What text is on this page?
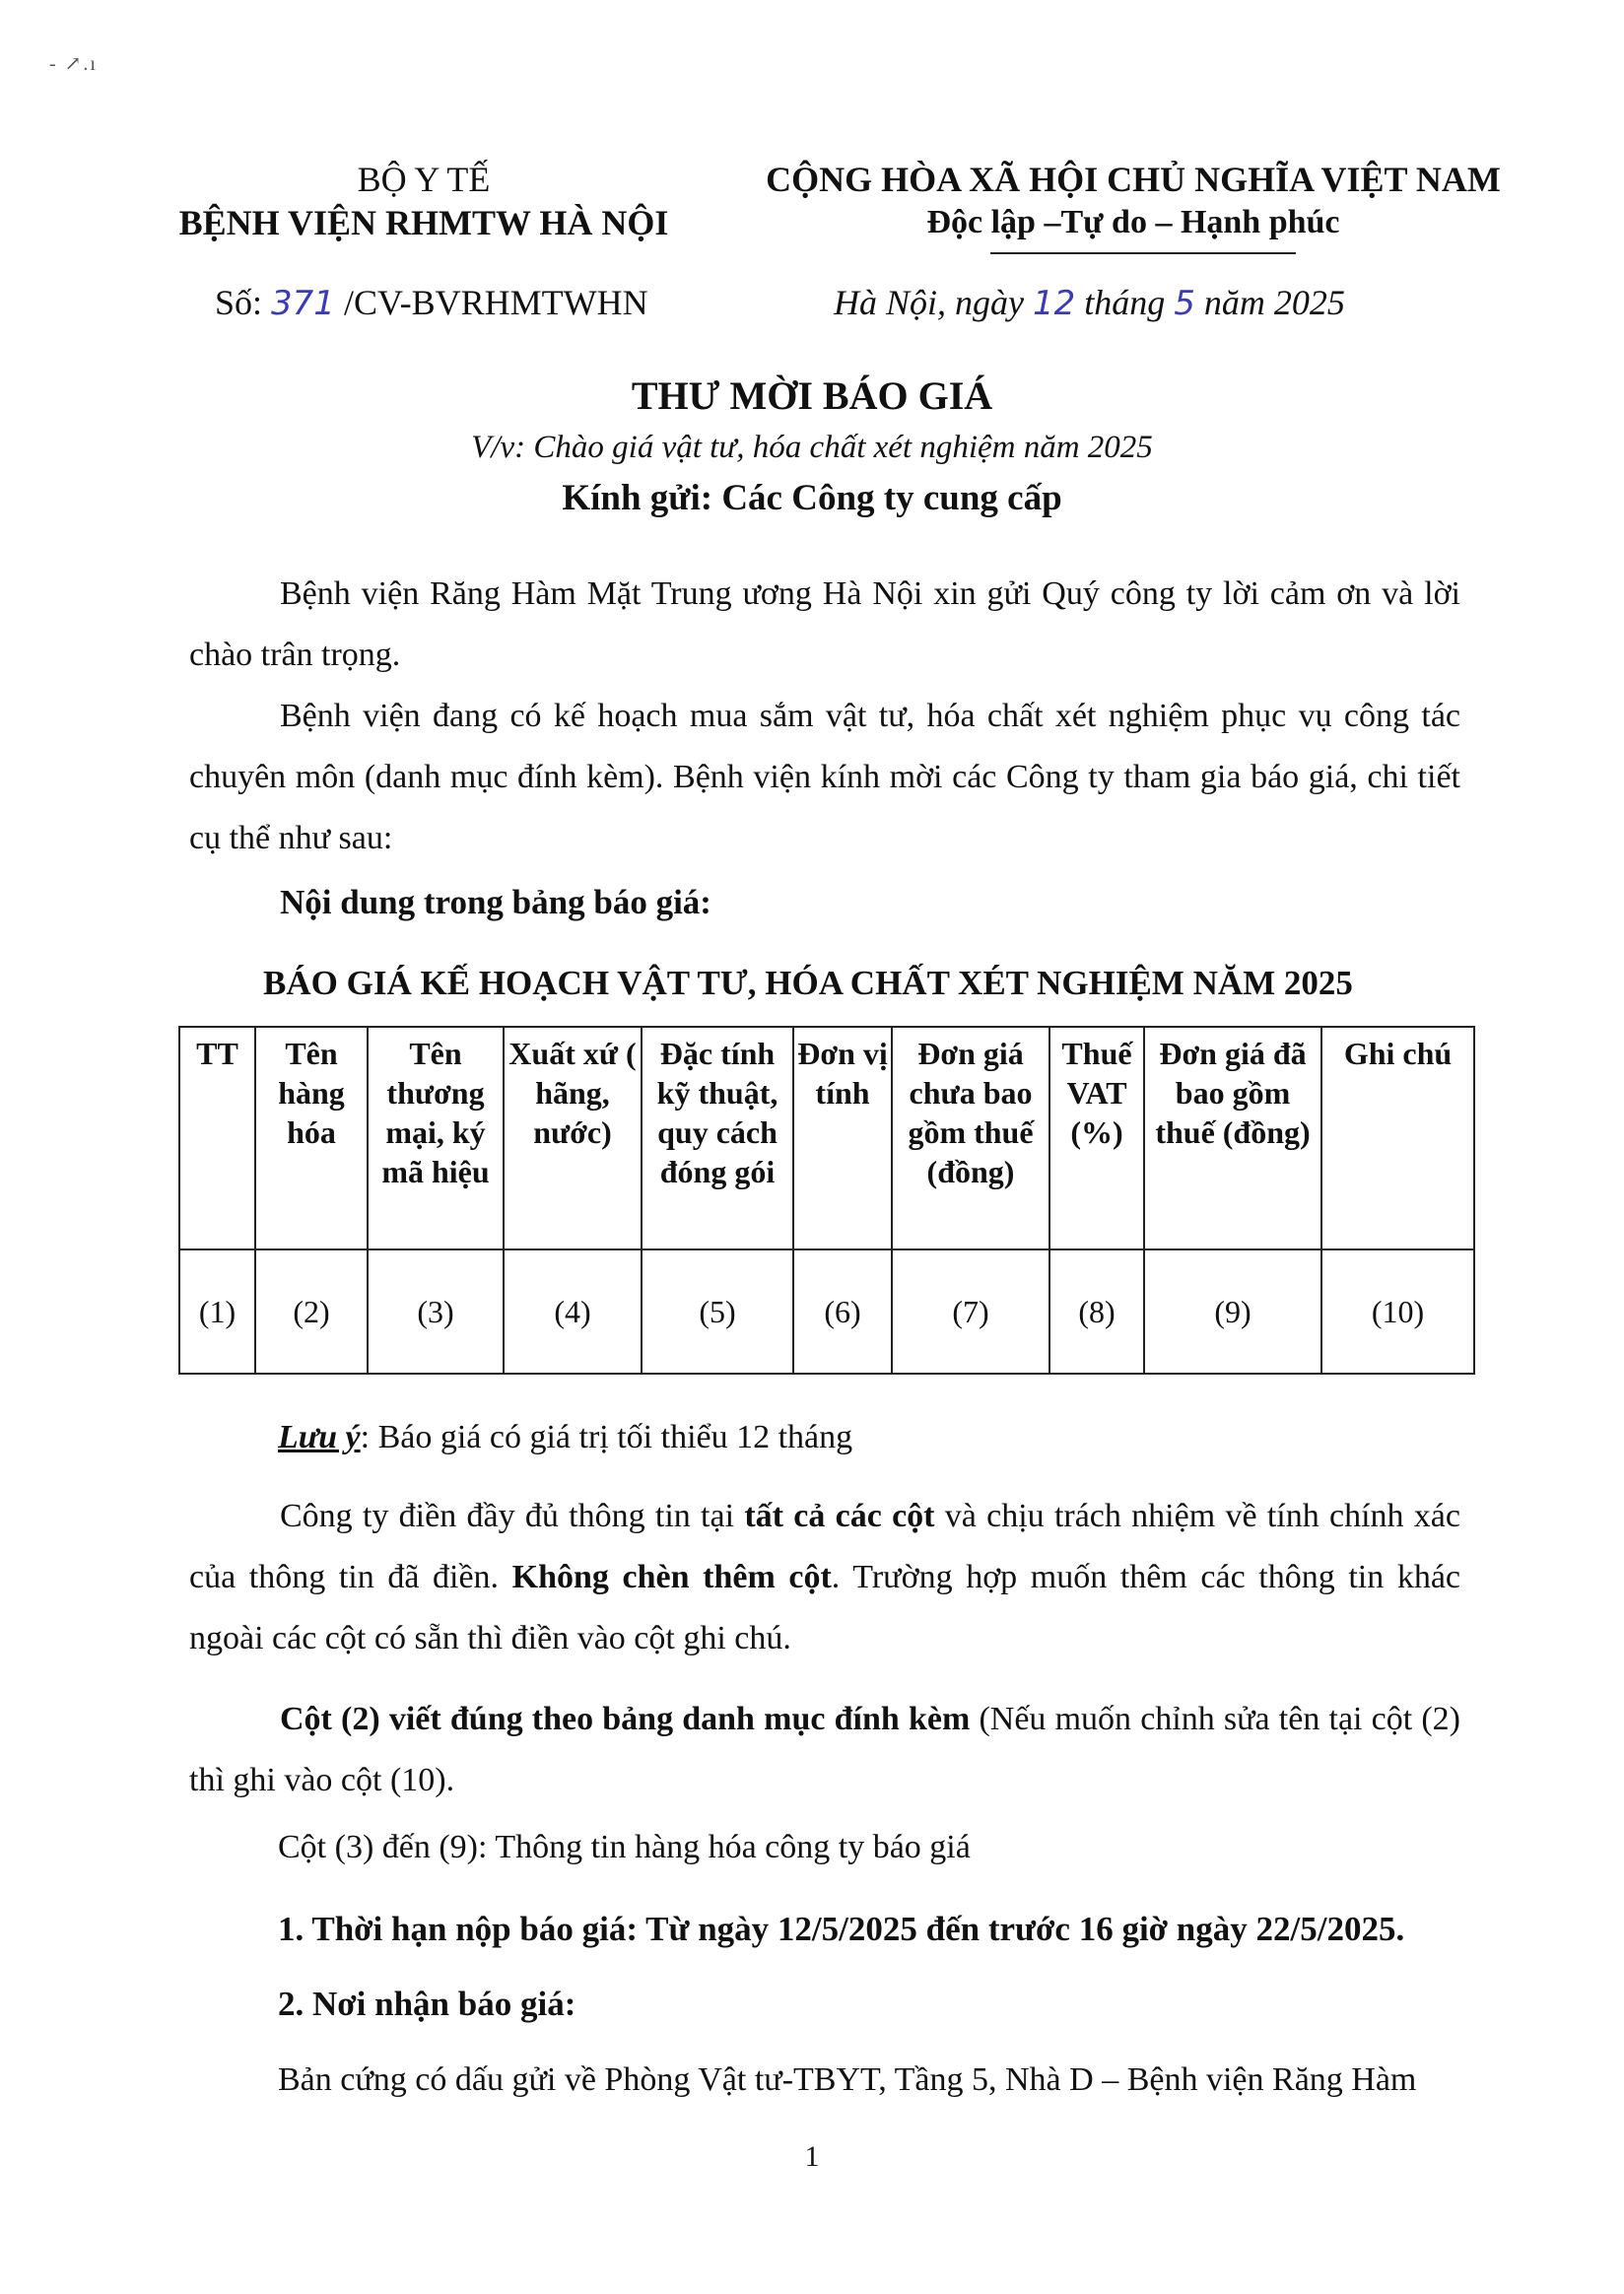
- ↗.ı
BỘ Y TẾ
BỆNH VIỆN RHMTW HÀ NỘI
CỘNG HÒA XÃ HỘI CHỦ NGHĨA VIỆT NAM
Độc lập –Tự do – Hạnh phúc
Số: 371 /CV-BVRHMTWHN	Hà Nội, ngày 12 tháng 5 năm 2025
THƯ MỜI BÁO GIÁ
V/v: Chào giá vật tư, hóa chất xét nghiệm năm 2025
Kính gửi: Các Công ty cung cấp
Bệnh viện Răng Hàm Mặt Trung ương Hà Nội xin gửi Quý công ty lời cảm ơn và lời chào trân trọng.
Bệnh viện đang có kế hoạch mua sắm vật tư, hóa chất xét nghiệm phục vụ công tác chuyên môn (danh mục đính kèm). Bệnh viện kính mời các Công ty tham gia báo giá, chi tiết cụ thể như sau:
Nội dung trong bảng báo giá:
BÁO GIÁ KẾ HOẠCH VẬT TƯ, HÓA CHẤT XÉT NGHIỆM NĂM 2025
TT	Tên hàng hóa	Tên thương mại, ký mã hiệu	Xuất xứ ( hãng, nước)	Đặc tính kỹ thuật, quy cách đóng gói	Đơn vị tính	Đơn giá chưa bao gồm thuế (đồng)	Thuế VAT (%)	Đơn giá đã bao gồm thuế (đồng)	Ghi chú
(1)	(2)	(3)	(4)	(5)	(6)	(7)	(8)	(9)	(10)
Lưu ý: Báo giá có giá trị tối thiểu 12 tháng
Công ty điền đầy đủ thông tin tại tất cả các cột và chịu trách nhiệm về tính chính xác của thông tin đã điền. Không chèn thêm cột. Trường hợp muốn thêm các thông tin khác ngoài các cột có sẵn thì điền vào cột ghi chú.
Cột (2) viết đúng theo bảng danh mục đính kèm (Nếu muốn chỉnh sửa tên tại cột (2) thì ghi vào cột (10).
Cột (3) đến (9): Thông tin hàng hóa công ty báo giá
1. Thời hạn nộp báo giá: Từ ngày 12/5/2025 đến trước 16 giờ ngày 22/5/2025.
2. Nơi nhận báo giá:
Bản cứng có dấu gửi về Phòng Vật tư-TBYT, Tầng 5, Nhà D – Bệnh viện Răng Hàm
1
